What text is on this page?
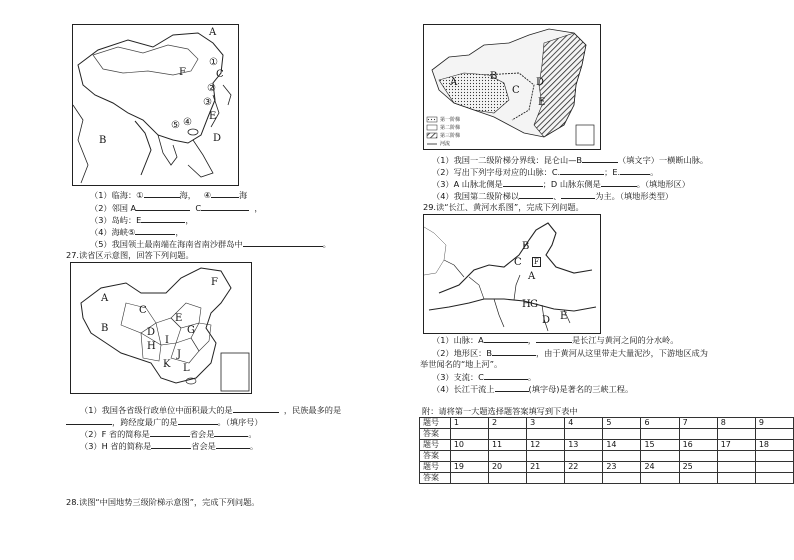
A
F	C
B
E
D
①
②
③
④
⑤
（1）临海：①	海， ④	海
（2）邻国 A	C	，
（3）岛屿：E	，
（4）海峡⑤	，
（5）我国领土最南端在海南省南沙群岛中	。
27.读省区示意图，回答下列问题。
A
B
C
D
E
F
G
H
I
J
K L
（1）我国各省级行政单位中面积最大的是	，民族最多的是
，跨经度最广的是	。（填序号）
（2）F 省的简称是	省会是	。
（3）H 省的简称是	省会是	。
28.读图“中国地势三级阶梯示意图”，完成下列问题。
A
B
C
D
E
第一阶梯
第二阶梯
第三阶梯
河流
（1）我国一二级阶梯分界线：昆仑山—B	（填文字）一横断山脉。
（2）写出下列字母对应的山脉：C.	；E.	。
（3）A 山脉北侧是	；D 山脉东侧是	。（填地形区）
（4）我国第二级阶梯以	、	为主。（填地形类型）
29.读“长江、黄河水系图”，完成下列问题。
B
C F
A
H G
D E
（1）山脉：A	，	是长江与黄河之间的分水岭。
（2）地形区：B	，由于黄河从这里带走大量泥沙，下游地区成为
举世闻名的“地上河”。
（3）支流：C	。
（4）长江干流上	(填字母)是著名的三峡工程。
附：请将第一大题选择题答案填写到下表中
题号	1	2	3	4	5	6	7	8	9
答案									
题号	10	11	12	13	14	15	16	17	18
答案									
题号	19	20	21	22	23	24	25		
答案									
